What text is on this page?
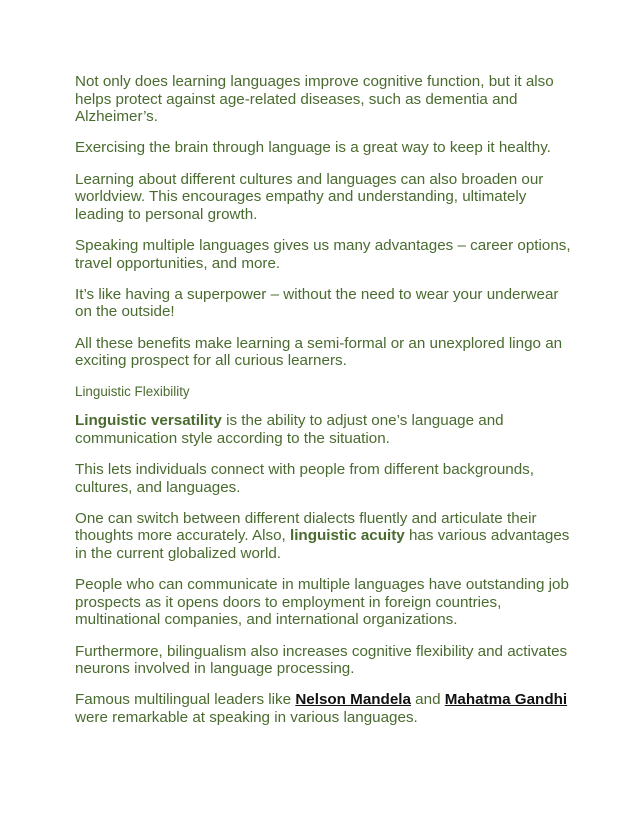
Not only does learning languages improve cognitive function, but it also helps protect against age-related diseases, such as dementia and Alzheimer’s.

Exercising the brain through language is a great way to keep it healthy.

Learning about different cultures and languages can also broaden our worldview. This encourages empathy and understanding, ultimately leading to personal growth.

Speaking multiple languages gives us many advantages – career options, travel opportunities, and more.

It’s like having a superpower – without the need to wear your underwear on the outside!

All these benefits make learning a semi-formal or an unexplored lingo an exciting prospect for all curious learners.

Linguistic Flexibility

Linguistic versatility is the ability to adjust one’s language and communication style according to the situation.

This lets individuals connect with people from different backgrounds, cultures, and languages.

One can switch between different dialects fluently and articulate their thoughts more accurately. Also, linguistic acuity has various advantages in the current globalized world.

People who can communicate in multiple languages have outstanding job prospects as it opens doors to employment in foreign countries, multinational companies, and international organizations.

Furthermore, bilingualism also increases cognitive flexibility and activates neurons involved in language processing.

Famous multilingual leaders like Nelson Mandela and Mahatma Gandhi were remarkable at speaking in various languages.
